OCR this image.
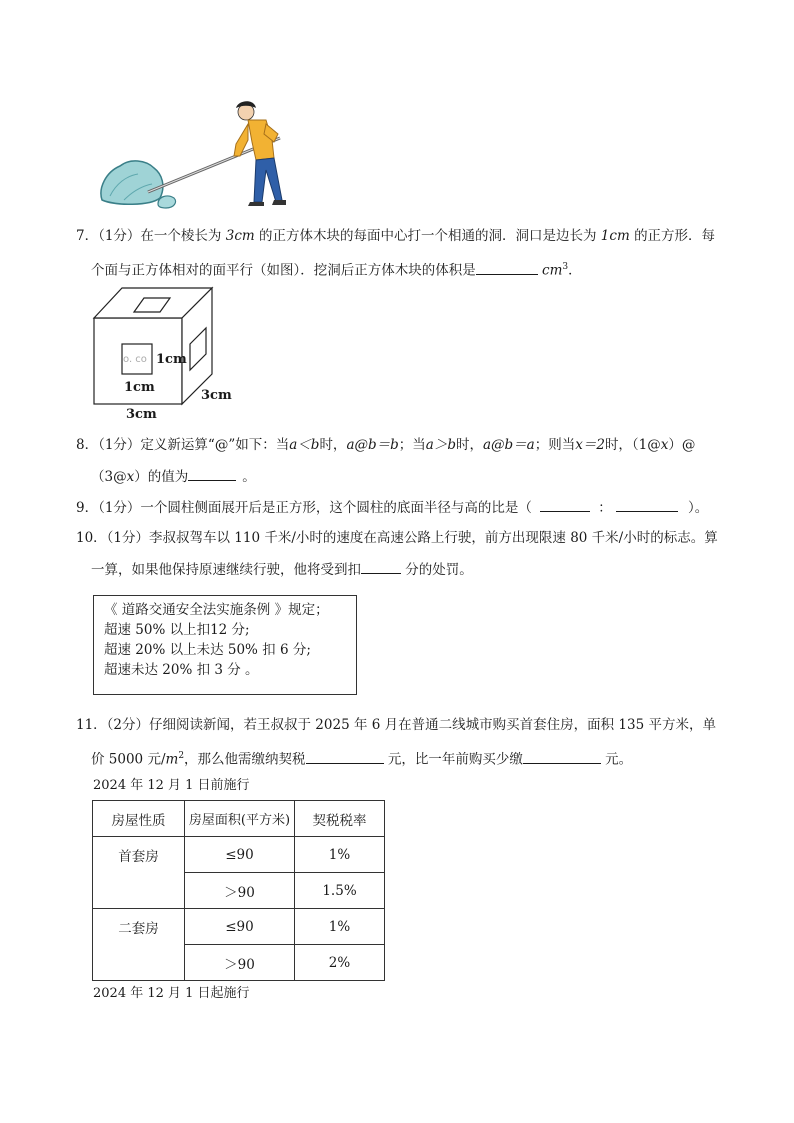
7．（1分）在一个棱长为 3cm 的正方体木块的每面中心打一个相通的洞．洞口是边长为 1cm 的正方形．每
个面与正方体相对的面平行（如图）．挖洞后正方体木块的体积是	$cm^3$．
o. co 1cm
1cm
3cm
3cm
8．（1分）定义新运算“@”如下：当a＜b时，a@b＝b；当a＞b时，a@b＝a；则当x＝2时，（1@x）@
（3@x）的值为	。
9．（1分）一个圆柱侧面展开后是正方形，这个圆柱的底面半径与高的比是（	：	）。
10．（1分）李叔叔驾车以 110 千米/小时的速度在高速公路上行驶，前方出现限速 80 千米/小时的标志。算
一算，如果他保持原速继续行驶，他将受到扣	分的处罚。
《 道路交通安全法实施条例 》规定；
超速 50% 以上扣12 分;
超速 20% 以上未达 50% 扣 6 分;
超速未达 20% 扣 3 分 。
11．（2分）仔细阅读新闻，若王叔叔于 2025 年 6 月在普通二线城市购买首套住房，面积 135 平方米，单
价 5000 元$/m^2$，那么他需缴纳契税	元，比一年前购买少缴	元。
2024 年 12 月 1 日前施行
房屋性质	房屋面积(平方米)	契税税率
首套房	≤90	1%
	＞90	1.5%
二套房	≤90	1%
	＞90	2%
2024 年 12 月 1 日起施行
